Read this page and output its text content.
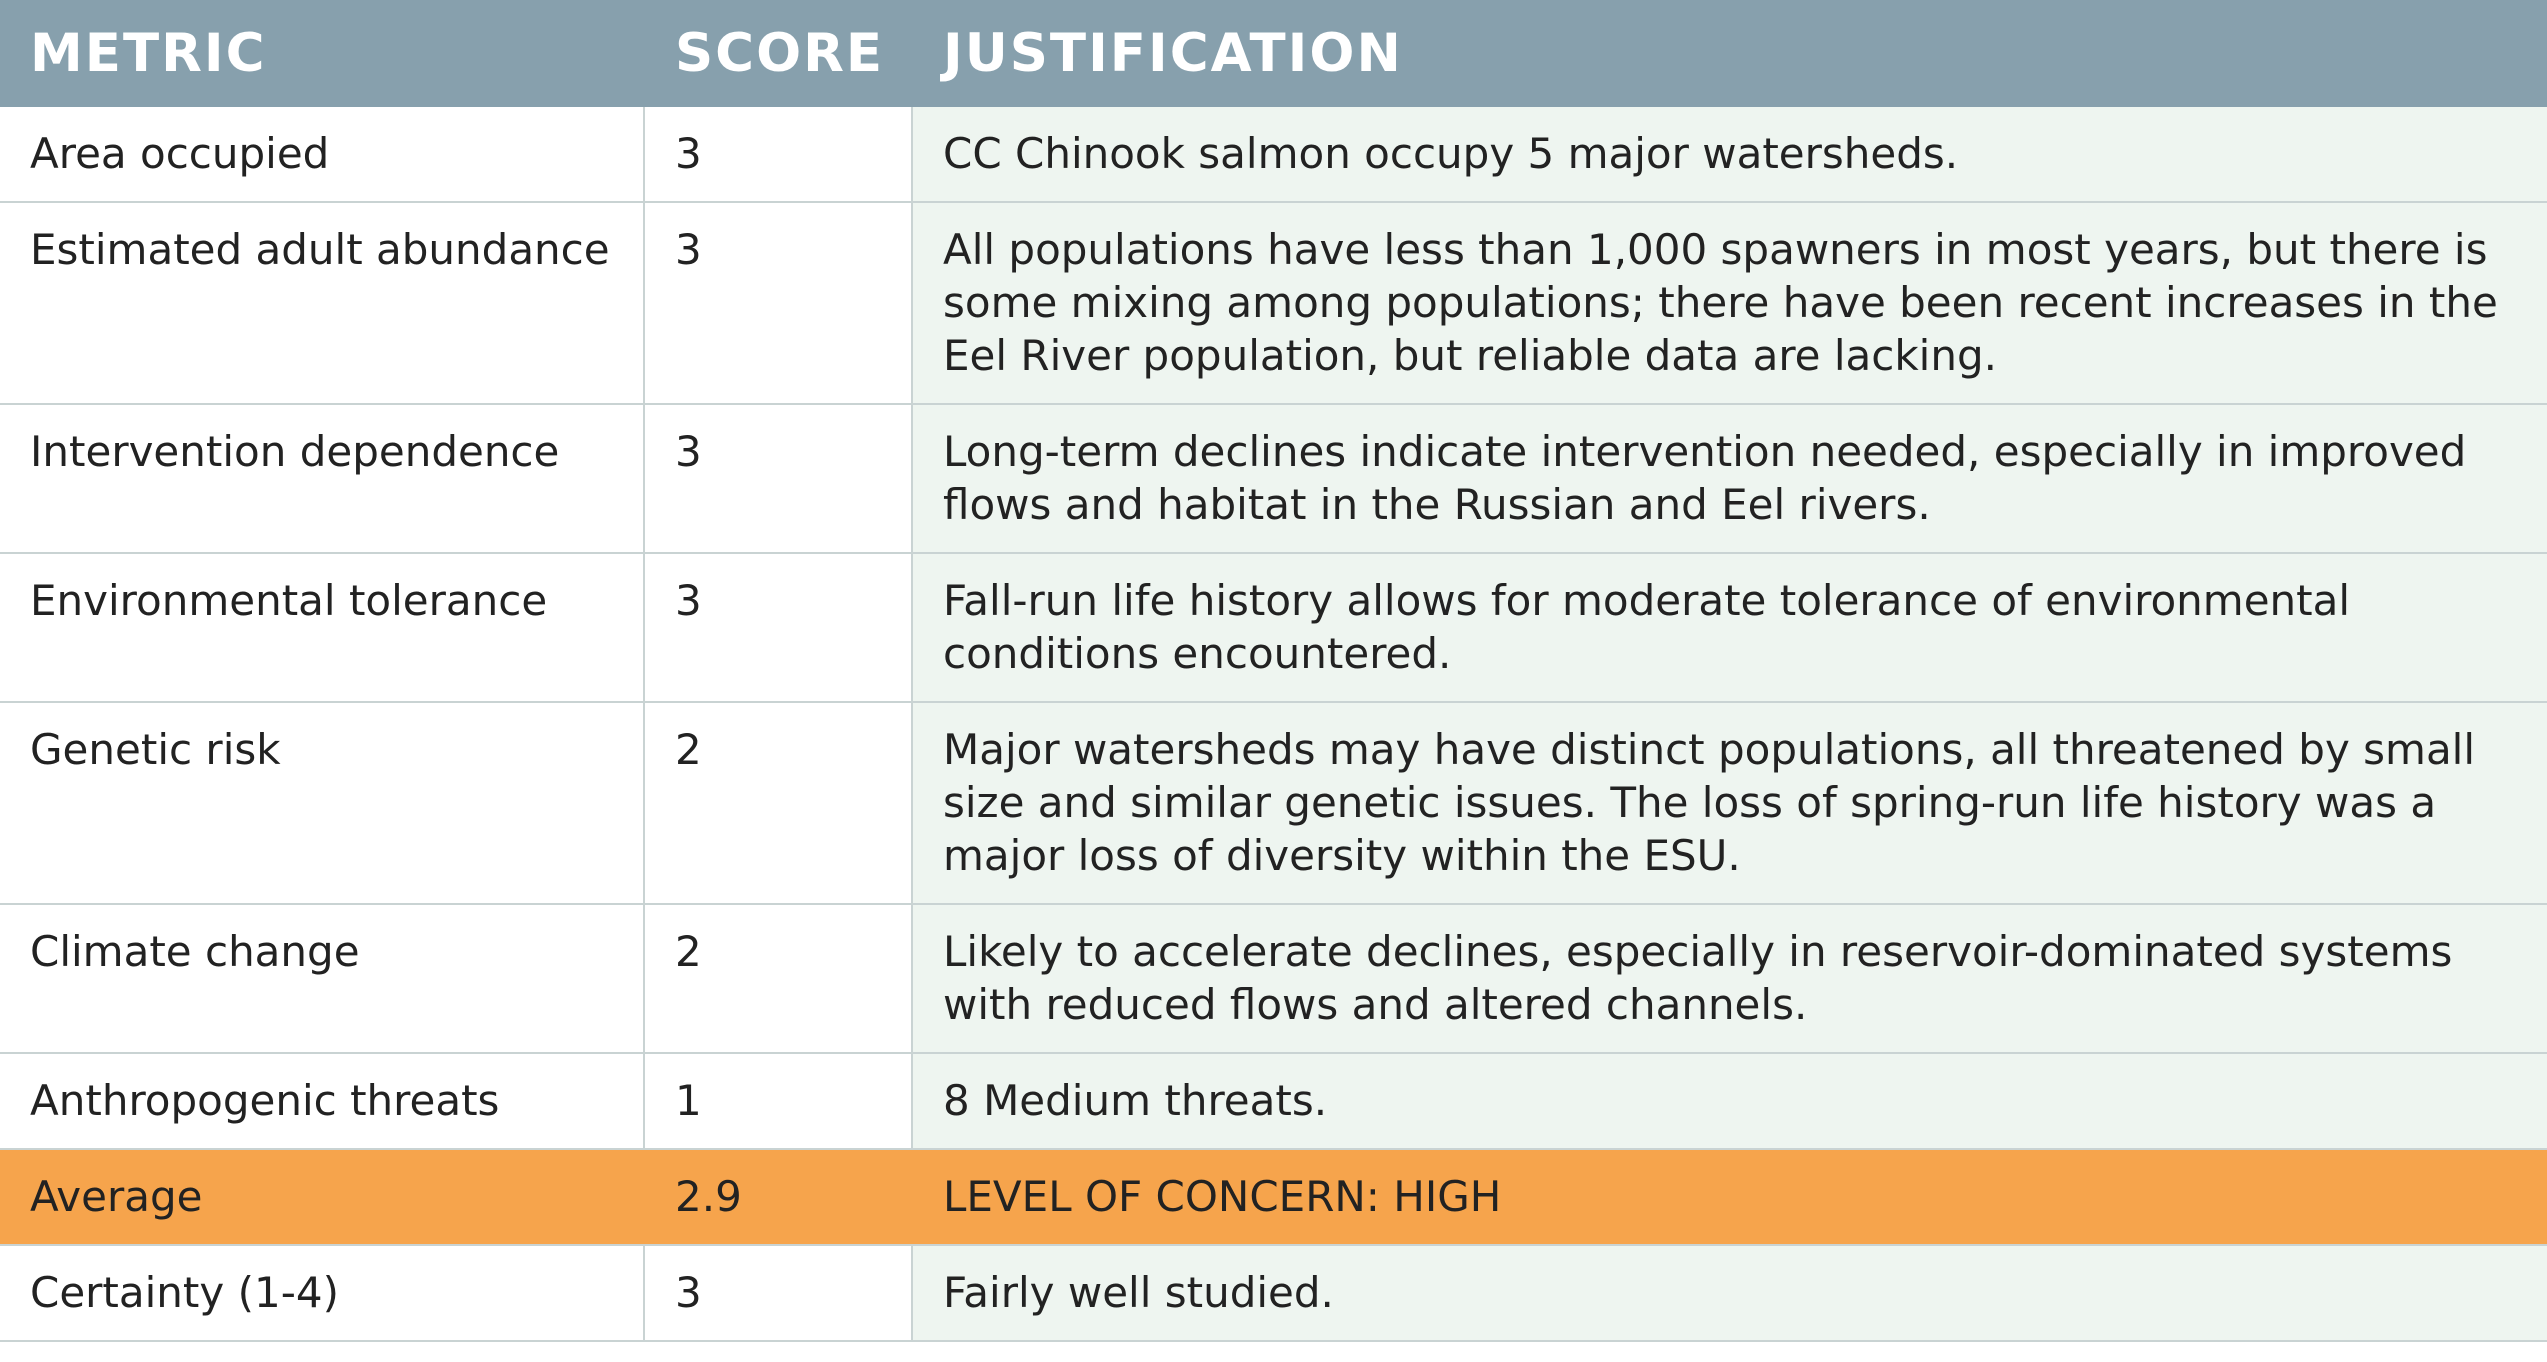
METRIC	SCORE	JUSTIFICATION
Area occupied	3	CC Chinook salmon occupy 5 major watersheds.
Estimated adult abundance	3	All populations have less than 1,000 spawners in most years, but there is some mixing among populations; there have been recent increases in the Eel River population, but reliable data are lacking.
Intervention dependence	3	Long-term declines indicate intervention needed, especially in improved flows and habitat in the Russian and Eel rivers.
Environmental tolerance	3	Fall-run life history allows for moderate tolerance of environmental conditions encountered.
Genetic risk	2	Major watersheds may have distinct populations, all threatened by small size and similar genetic issues. The loss of spring-run life history was a major loss of diversity within the ESU.
Climate change	2	Likely to accelerate declines, especially in reservoir-dominated systems with reduced flows and altered channels.
Anthropogenic threats	1	8 Medium threats.
Average	2.9	LEVEL OF CONCERN: HIGH
Certainty (1-4)	3	Fairly well studied.
